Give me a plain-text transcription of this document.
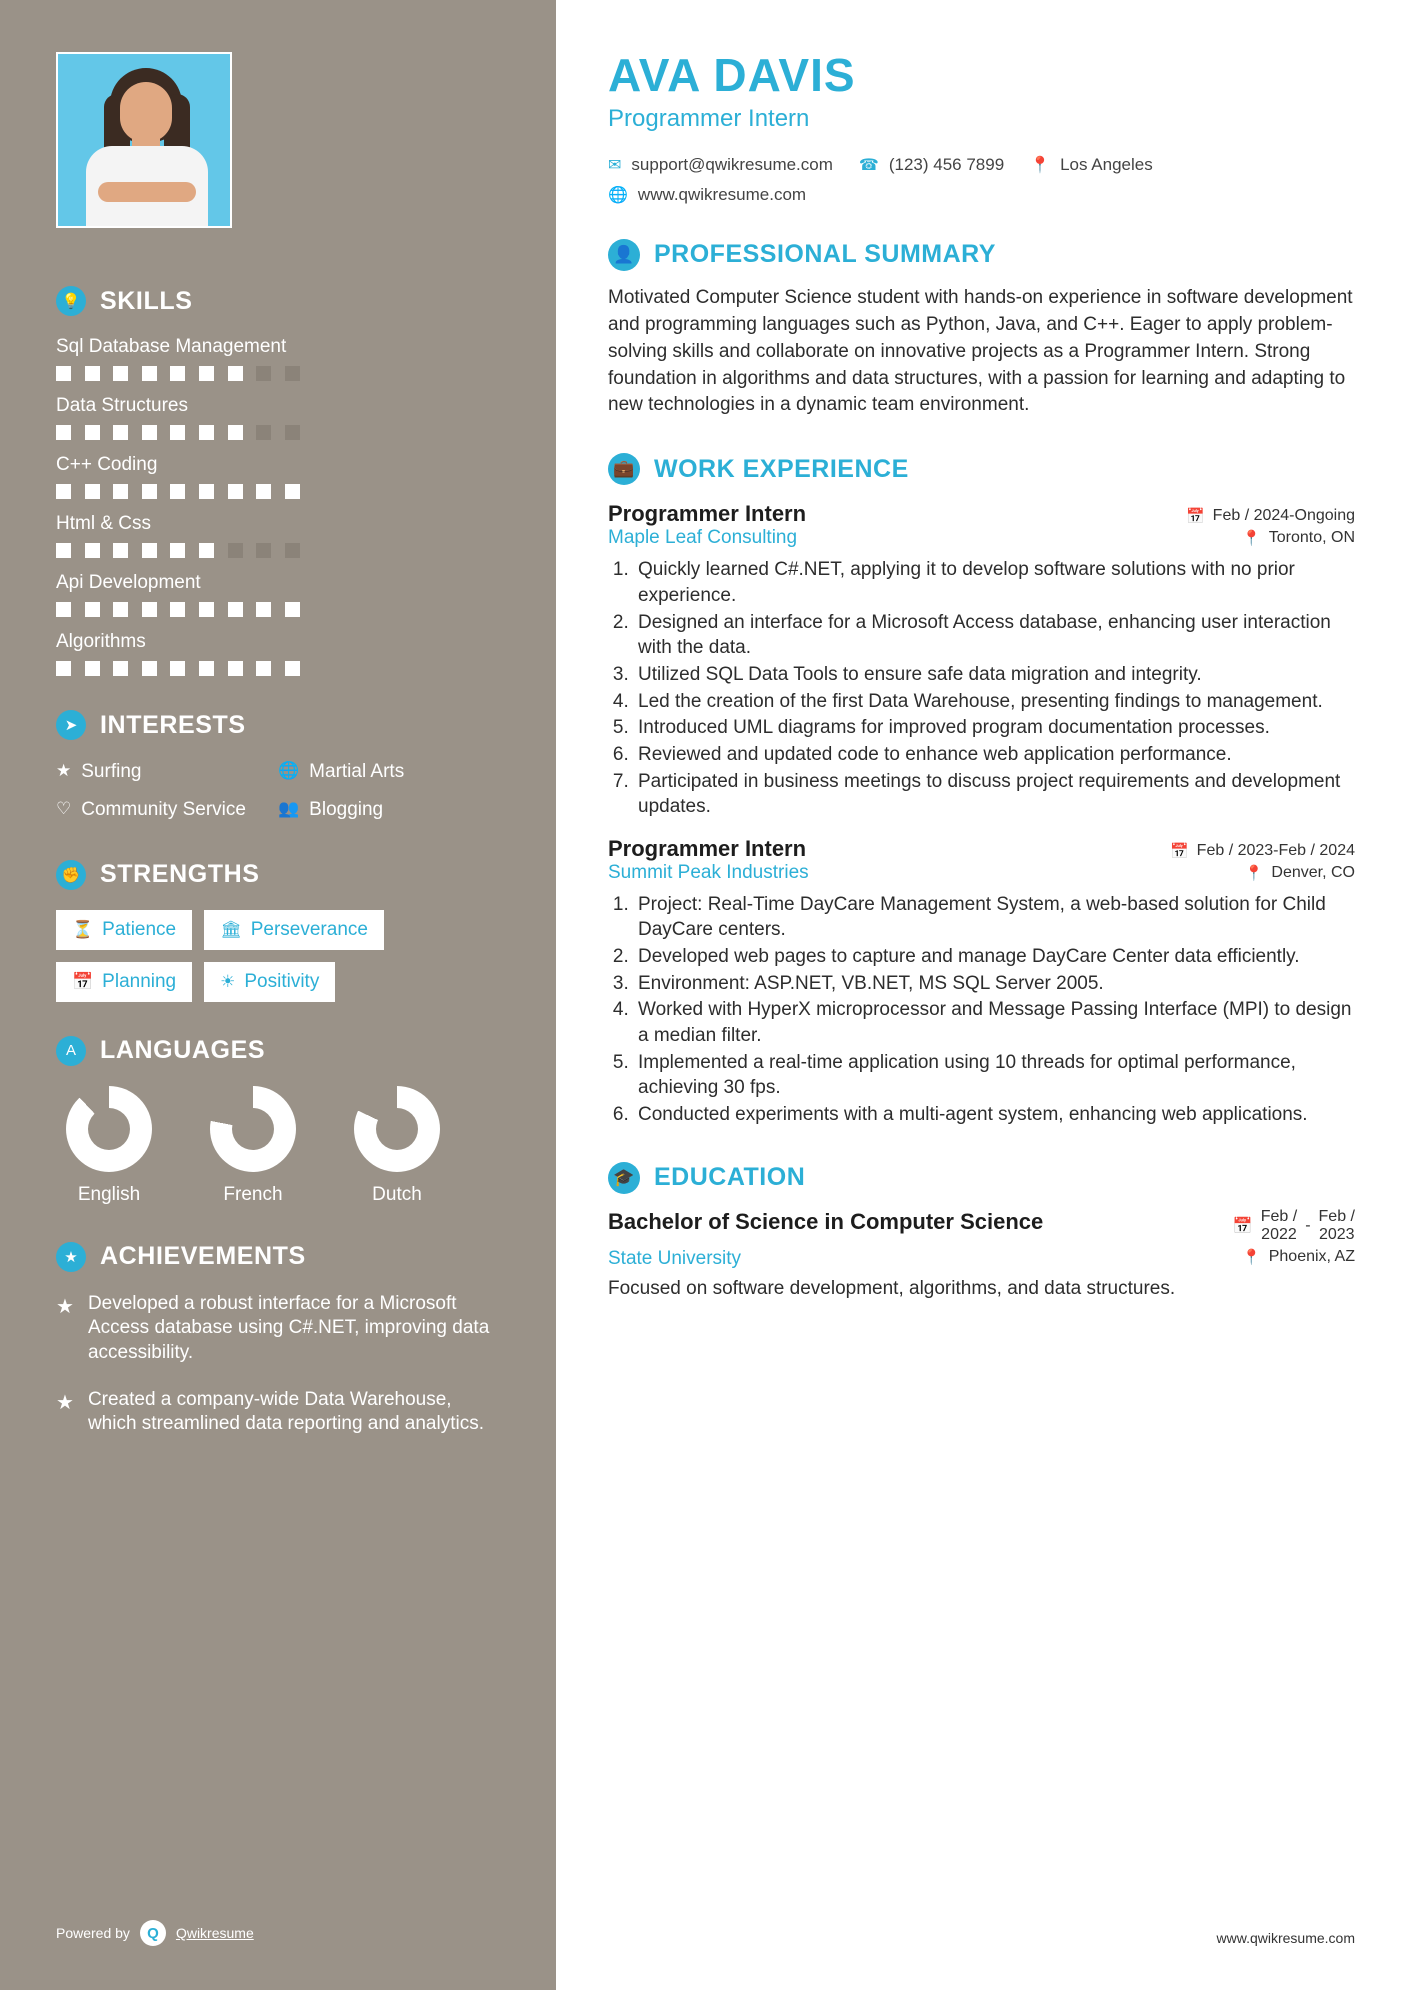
💡 SKILLS
Sql Database Management
Data Structures
C++ Coding
Html & Css
Api Development
Algorithms
➤ INTERESTS
★ Surfing	🌐 Martial Arts
♡ Community Service 👥 Blogging
✊ STRENGTHS
⏳ Patience	🏛 Perseverance
📅 Planning	☀ Positivity
A LANGUAGES
English	French	Dutch
★ ACHIEVEMENTS
★ Developed a robust interface for a Microsoft Access database using C#.NET, improving data accessibility.

★ Created a company-wide Data Warehouse, which streamlined data reporting and analytics.

Powered by	Q	Qwikresume
AVA DAVIS
Programmer Intern
✉ support@qwikresume.com ☎ (123) 456 7899 📍 Los Angeles
🌐 www.qwikresume.com
👤 PROFESSIONAL SUMMARY

Motivated Computer Science student with hands-on experience in software development and programming languages such as Python, Java, and C++. Eager to apply problem-solving skills and collaborate on innovative projects as a Programmer Intern. Strong foundation in algorithms and data structures, with a passion for learning and adapting to new technologies in a dynamic team environment.

💼 WORK EXPERIENCE
Programmer Intern	📅 Feb / 2024-Ongoing
Maple Leaf Consulting	📍 Toronto, ON
1. Quickly learned C#.NET, applying it to develop software solutions with no prior experience.
2. Designed an interface for a Microsoft Access database, enhancing user interaction with the data.
3. Utilized SQL Data Tools to ensure safe data migration and integrity.
4. Led the creation of the first Data Warehouse, presenting findings to management.
5. Introduced UML diagrams for improved program documentation processes.
6. Reviewed and updated code to enhance web application performance.
7. Participated in business meetings to discuss project requirements and development updates.
Programmer Intern	📅 Feb / 2023-Feb / 2024
Summit Peak Industries	📍 Denver, CO
1. Project: Real-Time DayCare Management System, a web-based solution for Child DayCare centers.
2. Developed web pages to capture and manage DayCare Center data efficiently.
3. Environment: ASP.NET, VB.NET, MS SQL Server 2005.
4. Worked with HyperX microprocessor and Message Passing Interface (MPI) to design a median filter.
5. Implemented a real-time application using 10 threads for optimal performance, achieving 30 fps.
6. Conducted experiments with a multi-agent system, enhancing web applications.
🎓 EDUCATION
Bachelor of Science in Computer Science	📅
Feb /
2022
-
Feb /
2023
State University	📍 Phoenix, AZ
Focused on software development, algorithms, and data structures.
www.qwikresume.com
